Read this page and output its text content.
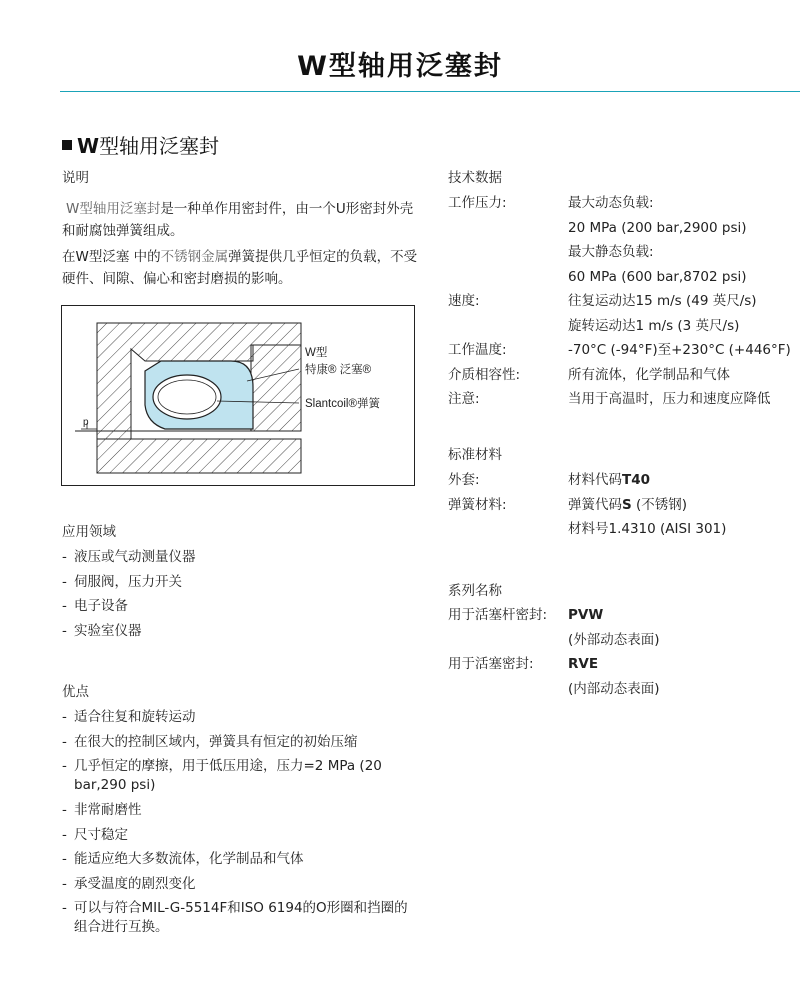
W型轴用泛塞封
W型轴用泛塞封
说明
W型轴用泛塞封是一种单作用密封件，由一个U形密封外壳和耐腐蚀弹簧组成。
在W型泛塞 中的不锈钢金属弹簧提供几乎恒定的负载，不受硬件、间隙、偏心和密封磨损的影响。
W型
特康® 泛塞®
Slantcoil®弹簧
p
应用领域
- 液压或气动测量仪器
- 伺服阀，压力开关
- 电子设备
- 实验室仪器
优点
- 适合往复和旋转运动
- 在很大的控制区域内，弹簧具有恒定的初始压缩
- 几乎恒定的摩擦，用于低压用途，压力=2 MPa (20 bar,290 psi)
- 非常耐磨性
- 尺寸稳定
- 能适应绝大多数流体，化学制品和气体
- 承受温度的剧烈变化
- 可以与符合MIL-G-5514F和ISO 6194的O形圈和挡圈的组合进行互换。
技术数据
工作压力:	最大动态负载:
20 MPa (200 bar,2900 psi)
最大静态负载:
60 MPa (600 bar,8702 psi)
速度:	往复运动达15 m/s (49 英尺/s)
旋转运动达1 m/s (3 英尺/s)
工作温度:	-70°C (-94°F)至+230°C (+446°F)
介质相容性:	所有流体，化学制品和气体
注意:	当用于高温时，压力和速度应降低
标准材料
外套:	材料代码T40
弹簧材料:	弹簧代码S (不锈钢)
材料号1.4310 (AISI 301)
系列名称
用于活塞杆密封: PVW
(外部动态表面)
用于活塞密封:	RVE
(内部动态表面)
